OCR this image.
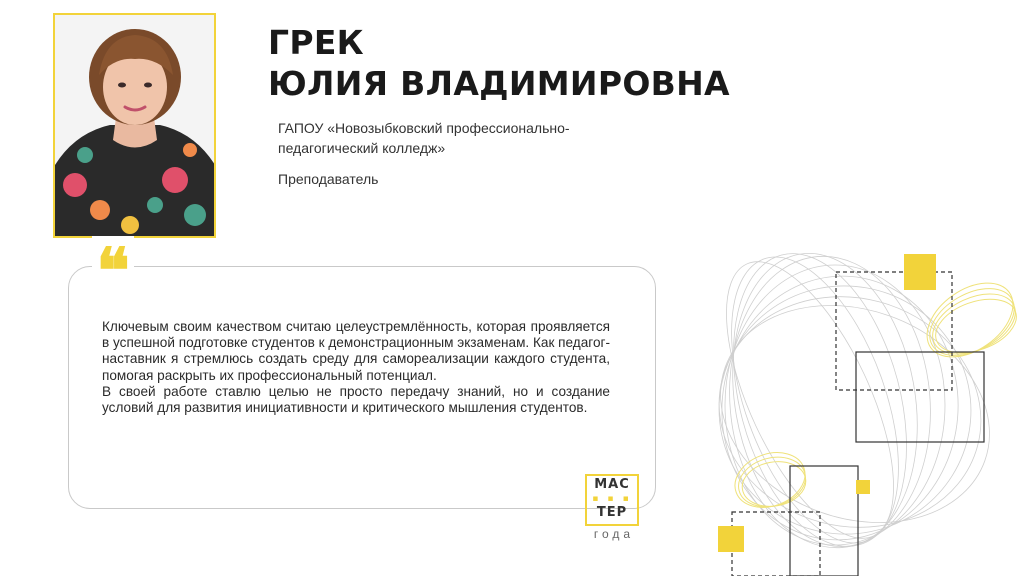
ГРЕК
ЮЛИЯ ВЛАДИМИРОВНА

ГАПОУ «Новозыбковский профессионально-педагогический колледж»

Преподаватель

❝

Ключевым своим качеством считаю целеустремлённость, которая проявляется в успешной подготовке студентов к демонстрационным экзаменам. Как педагог-наставник я стремлюсь создать среду для самореализации каждого студента, помогая раскрыть их профессиональный потенциал.

В своей работе ставлю целью не просто передачу знаний, но и создание условий для развития инициативности и критического мышления студентов.

МАС
▪ ▪ ▪
ТЕР
года
